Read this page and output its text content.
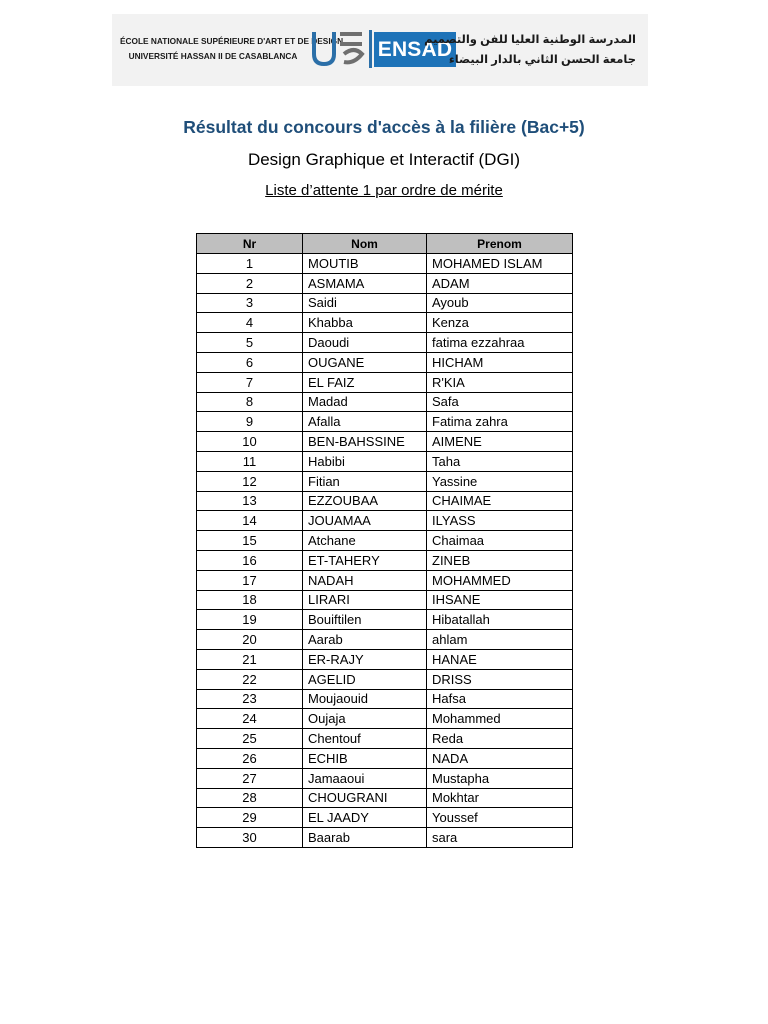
ÉCOLE NATIONALE SUPÉRIEURE D'ART ET DE DESIGN
UNIVERSITÉ HASSAN II DE CASABLANCA	ENSAD
المدرسة الوطنية العليا للفن والتصميم
جامعة الحسن الثاني بالدار البيضاء
Résultat du concours d'accès à la filière (Bac+5)
Design Graphique et Interactif (DGI)
Liste d’attente 1 par ordre de mérite
Nr	Nom	Prenom
1	MOUTIB	MOHAMED ISLAM
2	ASMAMA	ADAM
3	Saidi	Ayoub
4	Khabba	Kenza
5	Daoudi	fatima ezzahraa
6	OUGANE	HICHAM
7	EL FAIZ	R'KIA
8	Madad	Safa
9	Afalla	Fatima zahra
10	BEN-BAHSSINE	AIMENE
11	Habibi	Taha
12	Fitian	Yassine
13	EZZOUBAA	CHAIMAE
14	JOUAMAA	ILYASS
15	Atchane	Chaimaa
16	ET-TAHERY	ZINEB
17	NADAH	MOHAMMED
18	LIRARI	IHSANE
19	Bouiftilen	Hibatallah
20	Aarab	ahlam
21	ER-RAJY	HANAE
22	AGELID	DRISS
23	Moujaouid	Hafsa
24	Oujaja	Mohammed
25	Chentouf	Reda
26	ECHIB	NADA
27	Jamaaoui	Mustapha
28	CHOUGRANI	Mokhtar
29	EL JAADY	Youssef
30	Baarab	sara
